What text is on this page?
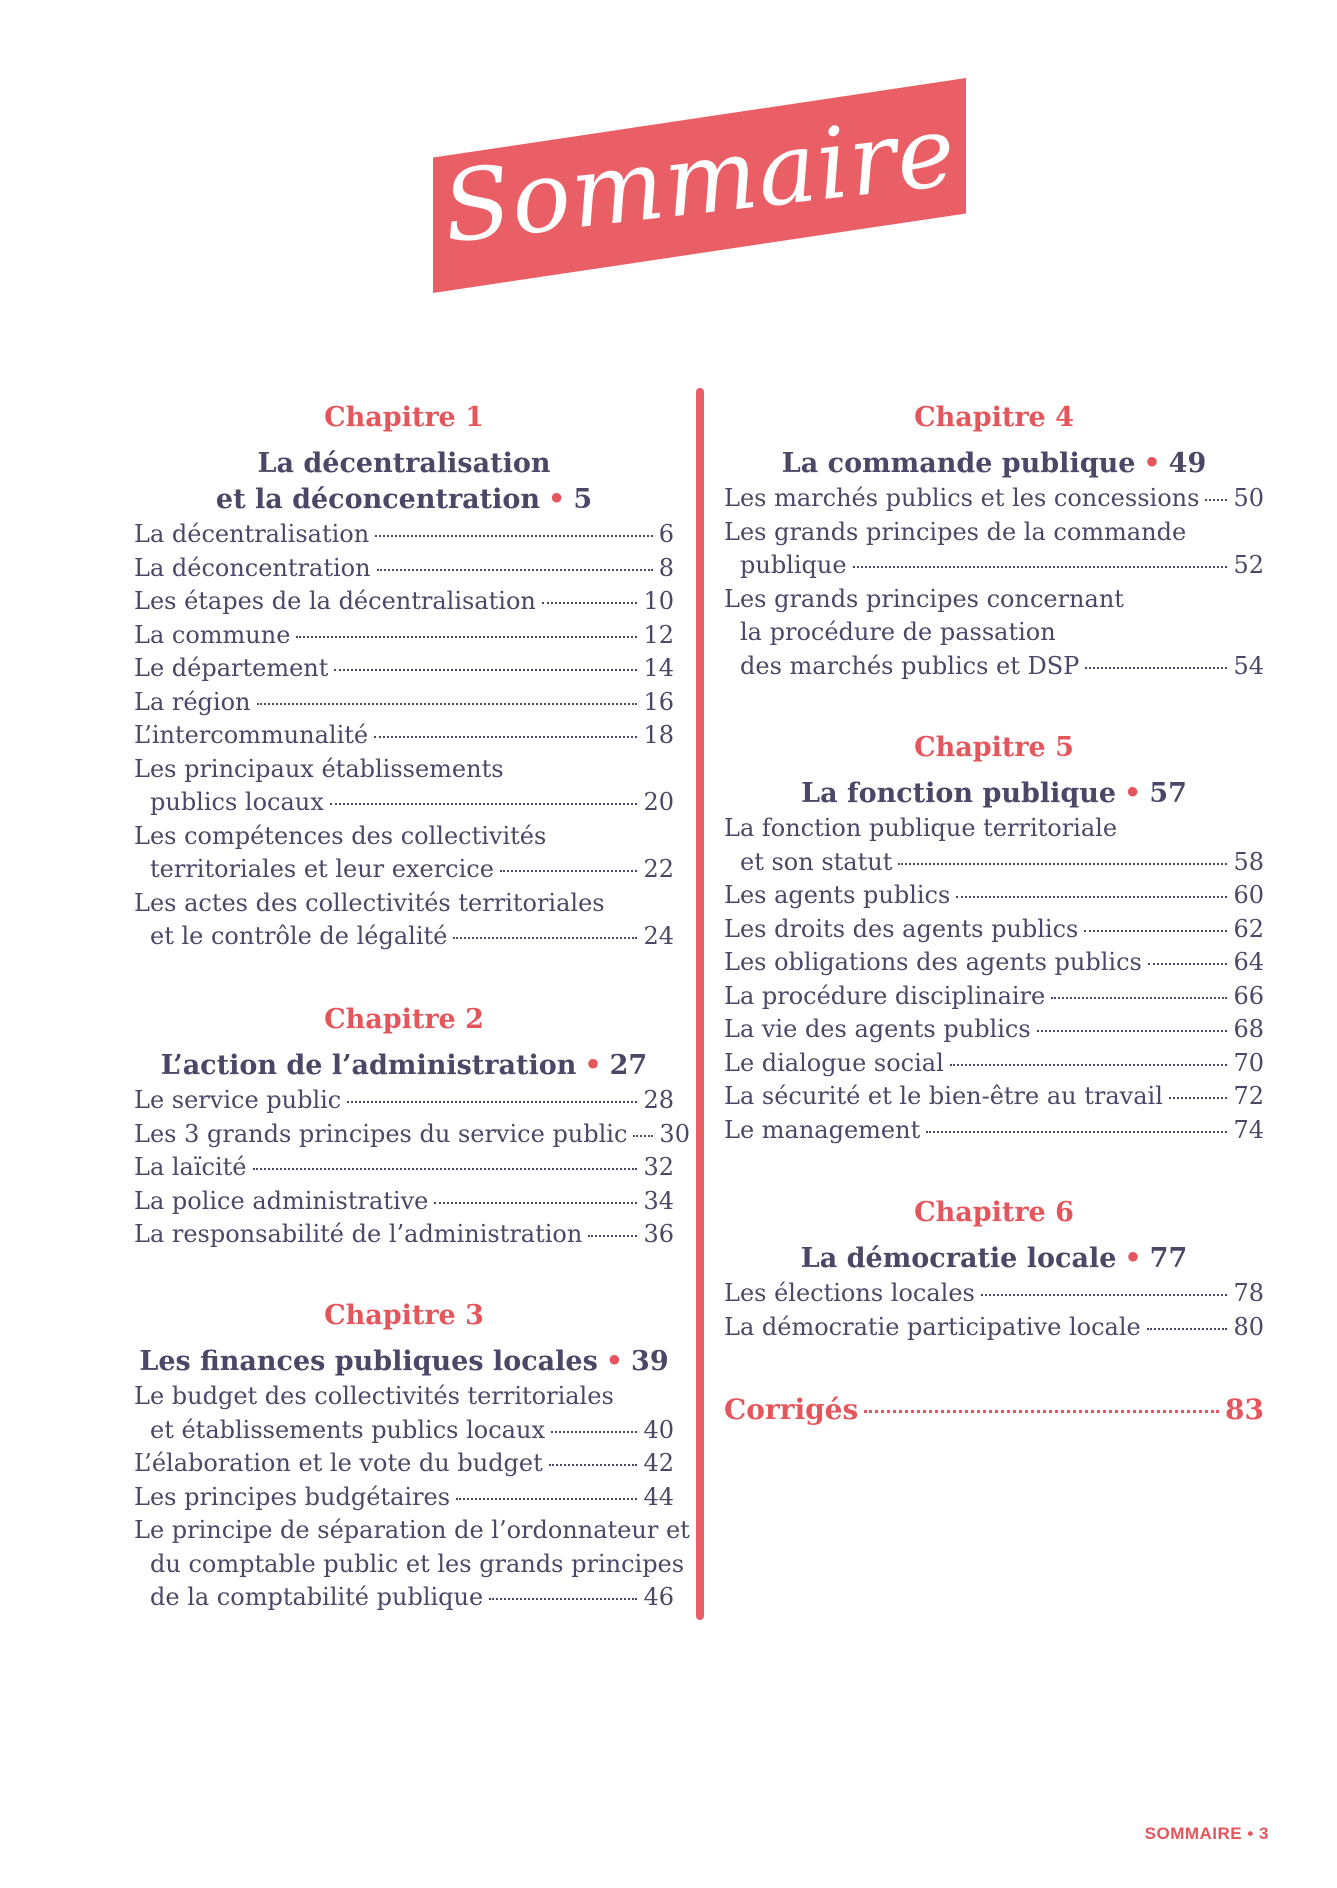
Sommaire
Chapitre 1
La décentralisation
et la déconcentration • 5
La décentralisation	6
La déconcentration	8
Les étapes de la décentralisation	10
La commune	12
Le département	14
La région	16
L’intercommunalité	18
Les principaux établissements
publics locaux	20
Les compétences des collectivités
territoriales et leur exercice	22
Les actes des collectivités territoriales
et le contrôle de légalité	24
Chapitre 2
L’action de l’administration • 27
Le service public	28
Les 3 grands principes du service public 30
La laïcité	32
La police administrative	34
La responsabilité de l’administration	36
Chapitre 3
Les finances publiques locales • 39
Le budget des collectivités territoriales
et établissements publics locaux	40
L’élaboration et le vote du budget	42
Les principes budgétaires	44
Le principe de séparation de l’ordonnateur et
du comptable public et les grands principes
de la comptabilité publique	46
Chapitre 4
La commande publique • 49
Les marchés publics et les concessions 50
Les grands principes de la commande
publique	52
Les grands principes concernant
la procédure de passation
des marchés publics et DSP	54
Chapitre 5
La fonction publique • 57
La fonction publique territoriale
et son statut	58
Les agents publics	60
Les droits des agents publics	62
Les obligations des agents publics	64
La procédure disciplinaire	66
La vie des agents publics	68
Le dialogue social	70
La sécurité et le bien-être au travail	72
Le management	74
Chapitre 6
La démocratie locale • 77
Les élections locales	78
La démocratie participative locale	80
Corrigés	83
SOMMAIRE • 3
